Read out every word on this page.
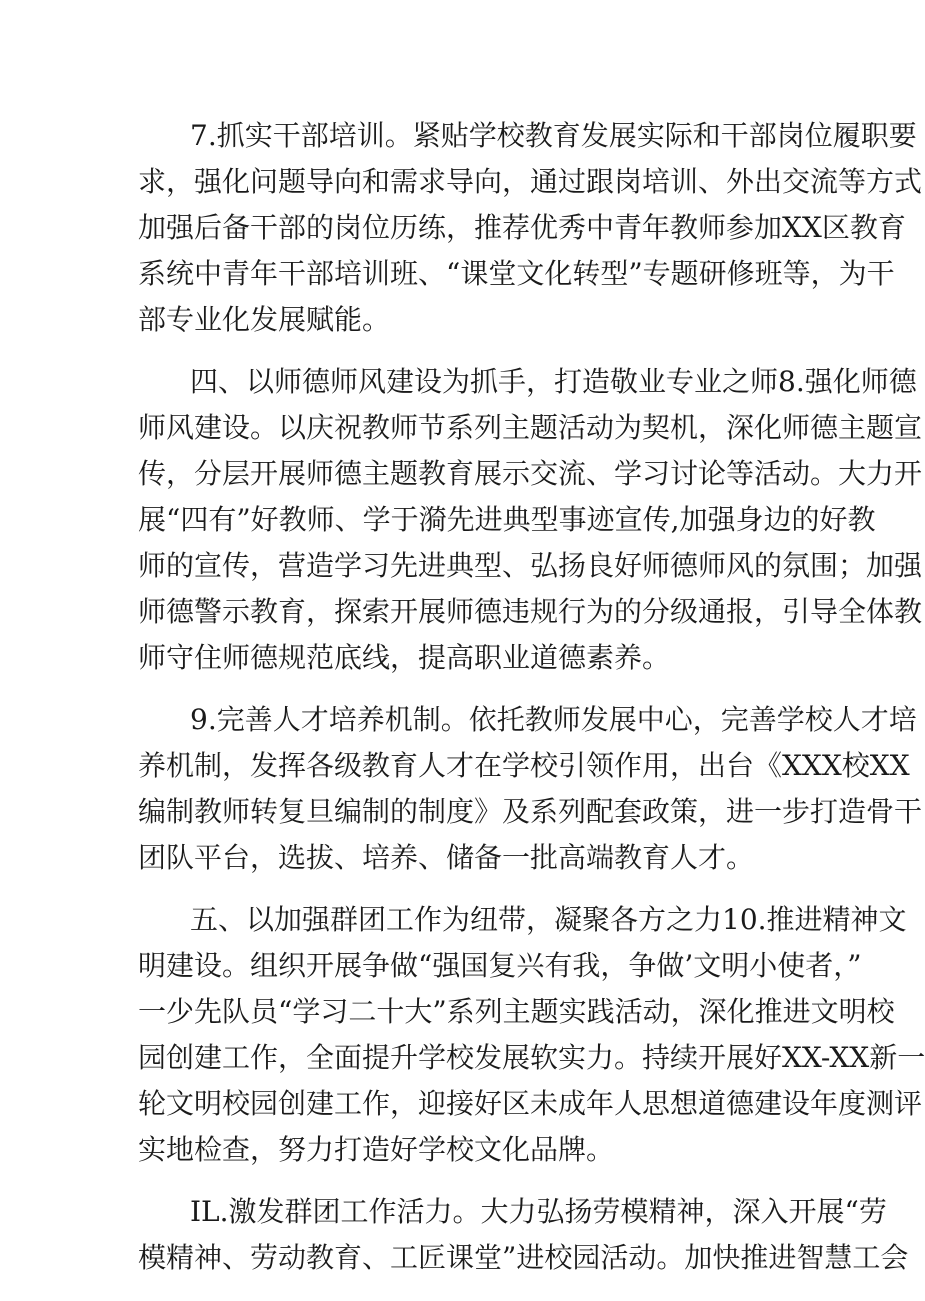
7.抓实干部培训。紧贴学校教育发展实际和干部岗位履职要
求，强化问题导向和需求导向，通过跟岗培训、外出交流等方式
加强后备干部的岗位历练，推荐优秀中青年教师参加XX区教育
系统中青年干部培训班、“课堂文化转型”专题研修班等，为干
部专业化发展赋能。
四、以师德师风建设为抓手，打造敬业专业之师8.强化师德
师风建设。以庆祝教师节系列主题活动为契机，深化师德主题宣
传，分层开展师德主题教育展示交流、学习讨论等活动。大力开
展“四有”好教师、学于漪先进典型事迹宣传,加强身边的好教
师的宣传，营造学习先进典型、弘扬良好师德师风的氛围；加强
师德警示教育，探索开展师德违规行为的分级通报，引导全体教
师守住师德规范底线，提高职业道德素养。
9.完善人才培养机制。依托教师发展中心，完善学校人才培
养机制，发挥各级教育人才在学校引领作用，出台《XXX校XX
编制教师转复旦编制的制度》及系列配套政策，进一步打造骨干
团队平台，选拔、培养、储备一批高端教育人才。
五、以加强群团工作为纽带，凝聚各方之力10.推进精神文
明建设。组织开展争做“强国复兴有我，争做’文明小使者，”
一少先队员“学习二十大”系列主题实践活动，深化推进文明校
园创建工作，全面提升学校发展软实力。持续开展好XX-XX新一
轮文明校园创建工作，迎接好区未成年人思想道德建设年度测评
实地检查，努力打造好学校文化品牌。
IL.激发群团工作活力。大力弘扬劳模精神，深入开展“劳
模精神、劳动教育、工匠课堂”进校园活动。加快推进智慧工会
